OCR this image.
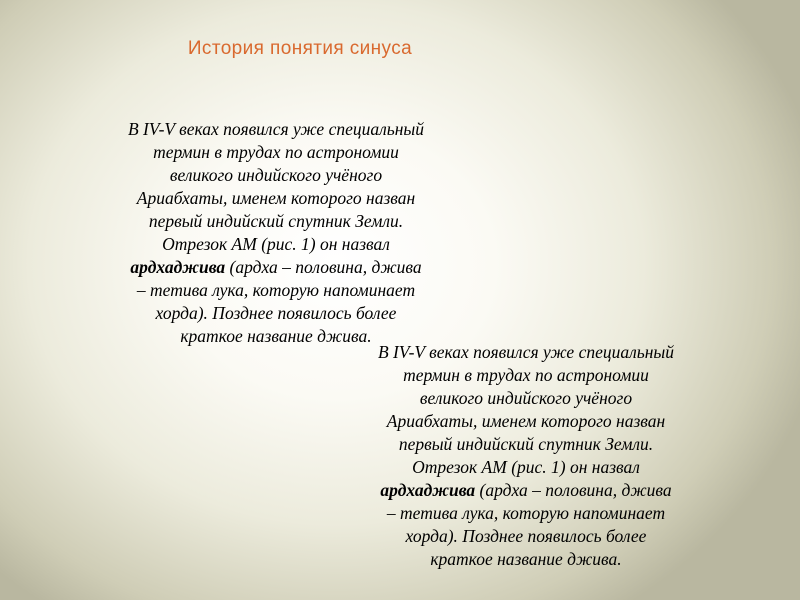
История понятия синуса
В IV-V веках появился уже специальный
термин в трудах по астрономии
великого индийского учёного
Ариабхаты, именем которого назван
первый индийский спутник Земли.
Отрезок АМ (рис. 1) он назвал
ардхаджива (ардха – половина, джива
– тетива лука, которую напоминает
хорда). Позднее появилось более
краткое название джива.
В IV-V веках появился уже специальный
термин в трудах по астрономии
великого индийского учёного
Ариабхаты, именем которого назван
первый индийский спутник Земли.
Отрезок АМ (рис. 1) он назвал
ардхаджива (ардха – половина, джива
– тетива лука, которую напоминает
хорда). Позднее появилось более
краткое название джива.
